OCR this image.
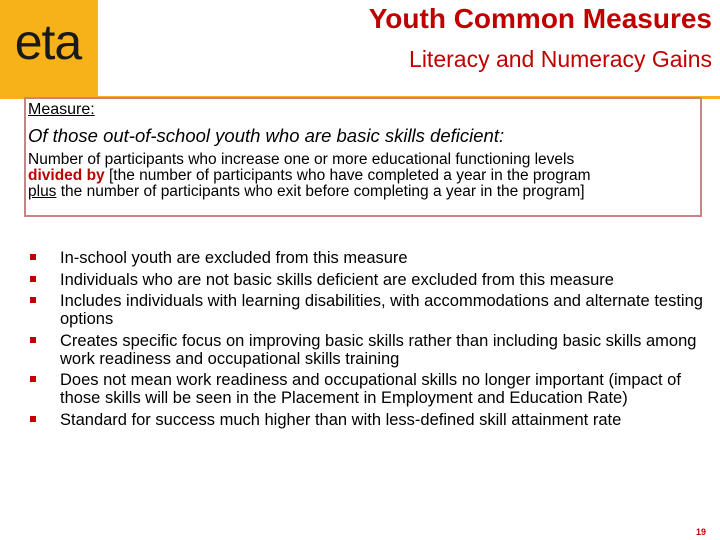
eta	Youth Common Measures
Literacy and Numeracy Gains
Measure:
Of those out-of-school youth who are basic skills deficient:
Number of participants who increase one or more educational functioning levels
divided by [the number of participants who have completed a year in the program
plus the number of participants who exit before completing a year in the program]
In-school youth are excluded from this measure
Individuals who are not basic skills deficient are excluded from this measure
Includes individuals with learning disabilities, with accommodations and alternate testing options
Creates specific focus on improving basic skills rather than including basic skills among work readiness and occupational skills training
Does not mean work readiness and occupational skills no longer important (impact of those skills will be seen in the Placement in Employment and Education Rate)
Standard for success much higher than with less-defined skill attainment rate
19
